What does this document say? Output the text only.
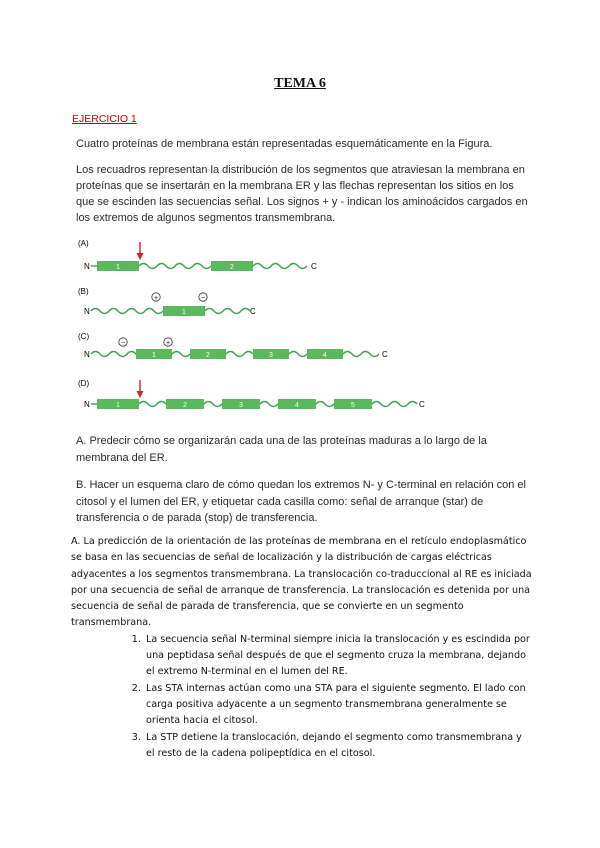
TEMA 6
EJERCICIO 1
Cuatro proteínas de membrana están representadas esquemáticamente en la Figura.
Los recuadros representan la distribución de los segmentos que atraviesan la membrana en proteínas que se insertarán en la membrana ER y las flechas representan los sitios en los que se escinden las secuencias señal. Los signos + y - indican los aminoácidos cargados en los extremos de algunos segmentos transmembrana.
(A)
N	1	2	C
(B)
N	1	C
+	−
(C)
N	1	2	3	4	C
−	+
(D)
N	1	2	3	4	5	C
A. Predecir cómo se organizarán cada una de las proteínas maduras a lo largo de la membrana del ER.
B. Hacer un esquema claro de cómo quedan los extremos N- y C-terminal en relación con el citosol y el lumen del ER, y etiquetar cada casilla como: señal de arranque (star) de transferencia o de parada (stop) de transferencia.

A. La predicción de la orientación de las proteínas de membrana en el retículo endoplasmático se basa en las secuencias de señal de localización y la distribución de cargas eléctricas adyacentes a los segmentos transmembrana. La translocación co-traduccional al RE es iniciada por una secuencia de señal de arranque de transferencia. La translocación es detenida por una secuencia de señal de parada de transferencia, que se convierte en un segmento transmembrana.

1. La secuencia señal N-terminal siempre inicia la translocación y es escindida por una peptidasa señal después de que el segmento cruza la membrana, dejando el extremo N-terminal en el lumen del RE.
2. Las STA internas actúan como una STA para el siguiente segmento. El lado con carga positiva adyacente a un segmento transmembrana generalmente se orienta hacia el citosol.
3. La STP detiene la translocación, dejando el segmento como transmembrana y el resto de la cadena polipeptídica en el citosol.
